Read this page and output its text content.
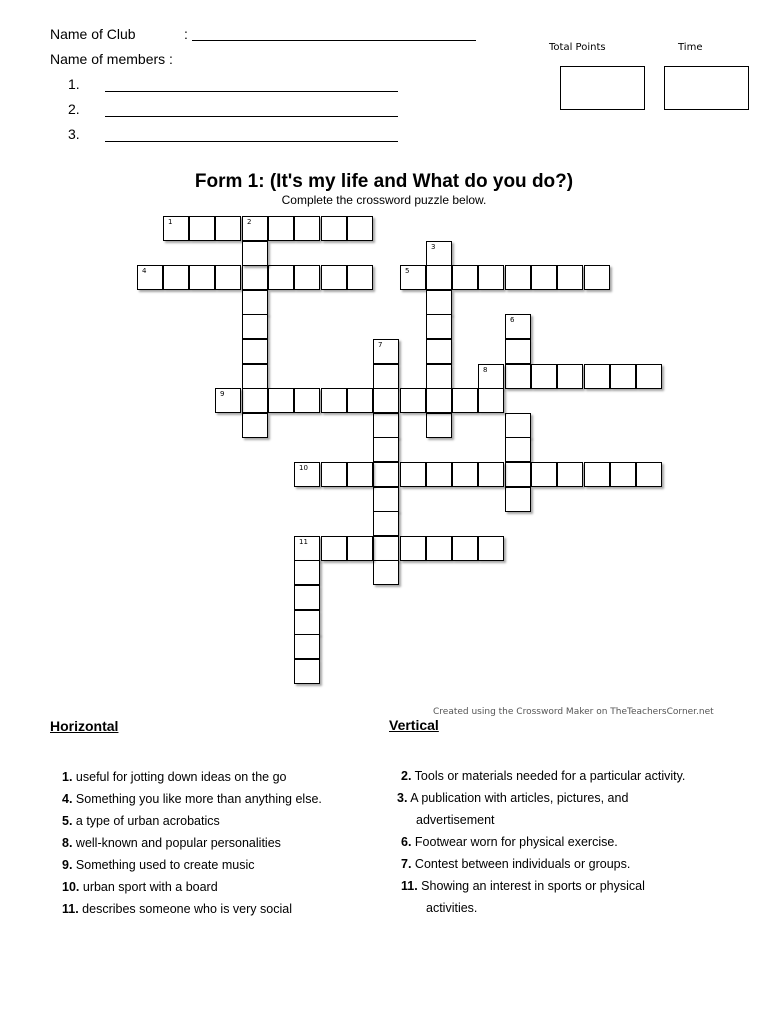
Name of Club	:
Name of members :
1.
2.
3.
Total Points	Time
Form 1: (It's my life and What do you do?)
Complete the crossword puzzle below.
1	2
3
4	5
6
7
8
9
10
11
Created using the Crossword Maker on TheTeachersCorner.net
Horizontal	Vertical
1. useful for jotting down ideas on the go
4. Something you like more than anything else.
5. a type of urban acrobatics
8. well-known and popular personalities
9. Something used to create music
10. urban sport with a board
11. describes someone who is very social
2. Tools or materials needed for a particular activity.
3. A publication with articles, pictures, and
advertisement
6. Footwear worn for physical exercise.
7. Contest between individuals or groups.
11. Showing an interest in sports or physical
activities.
